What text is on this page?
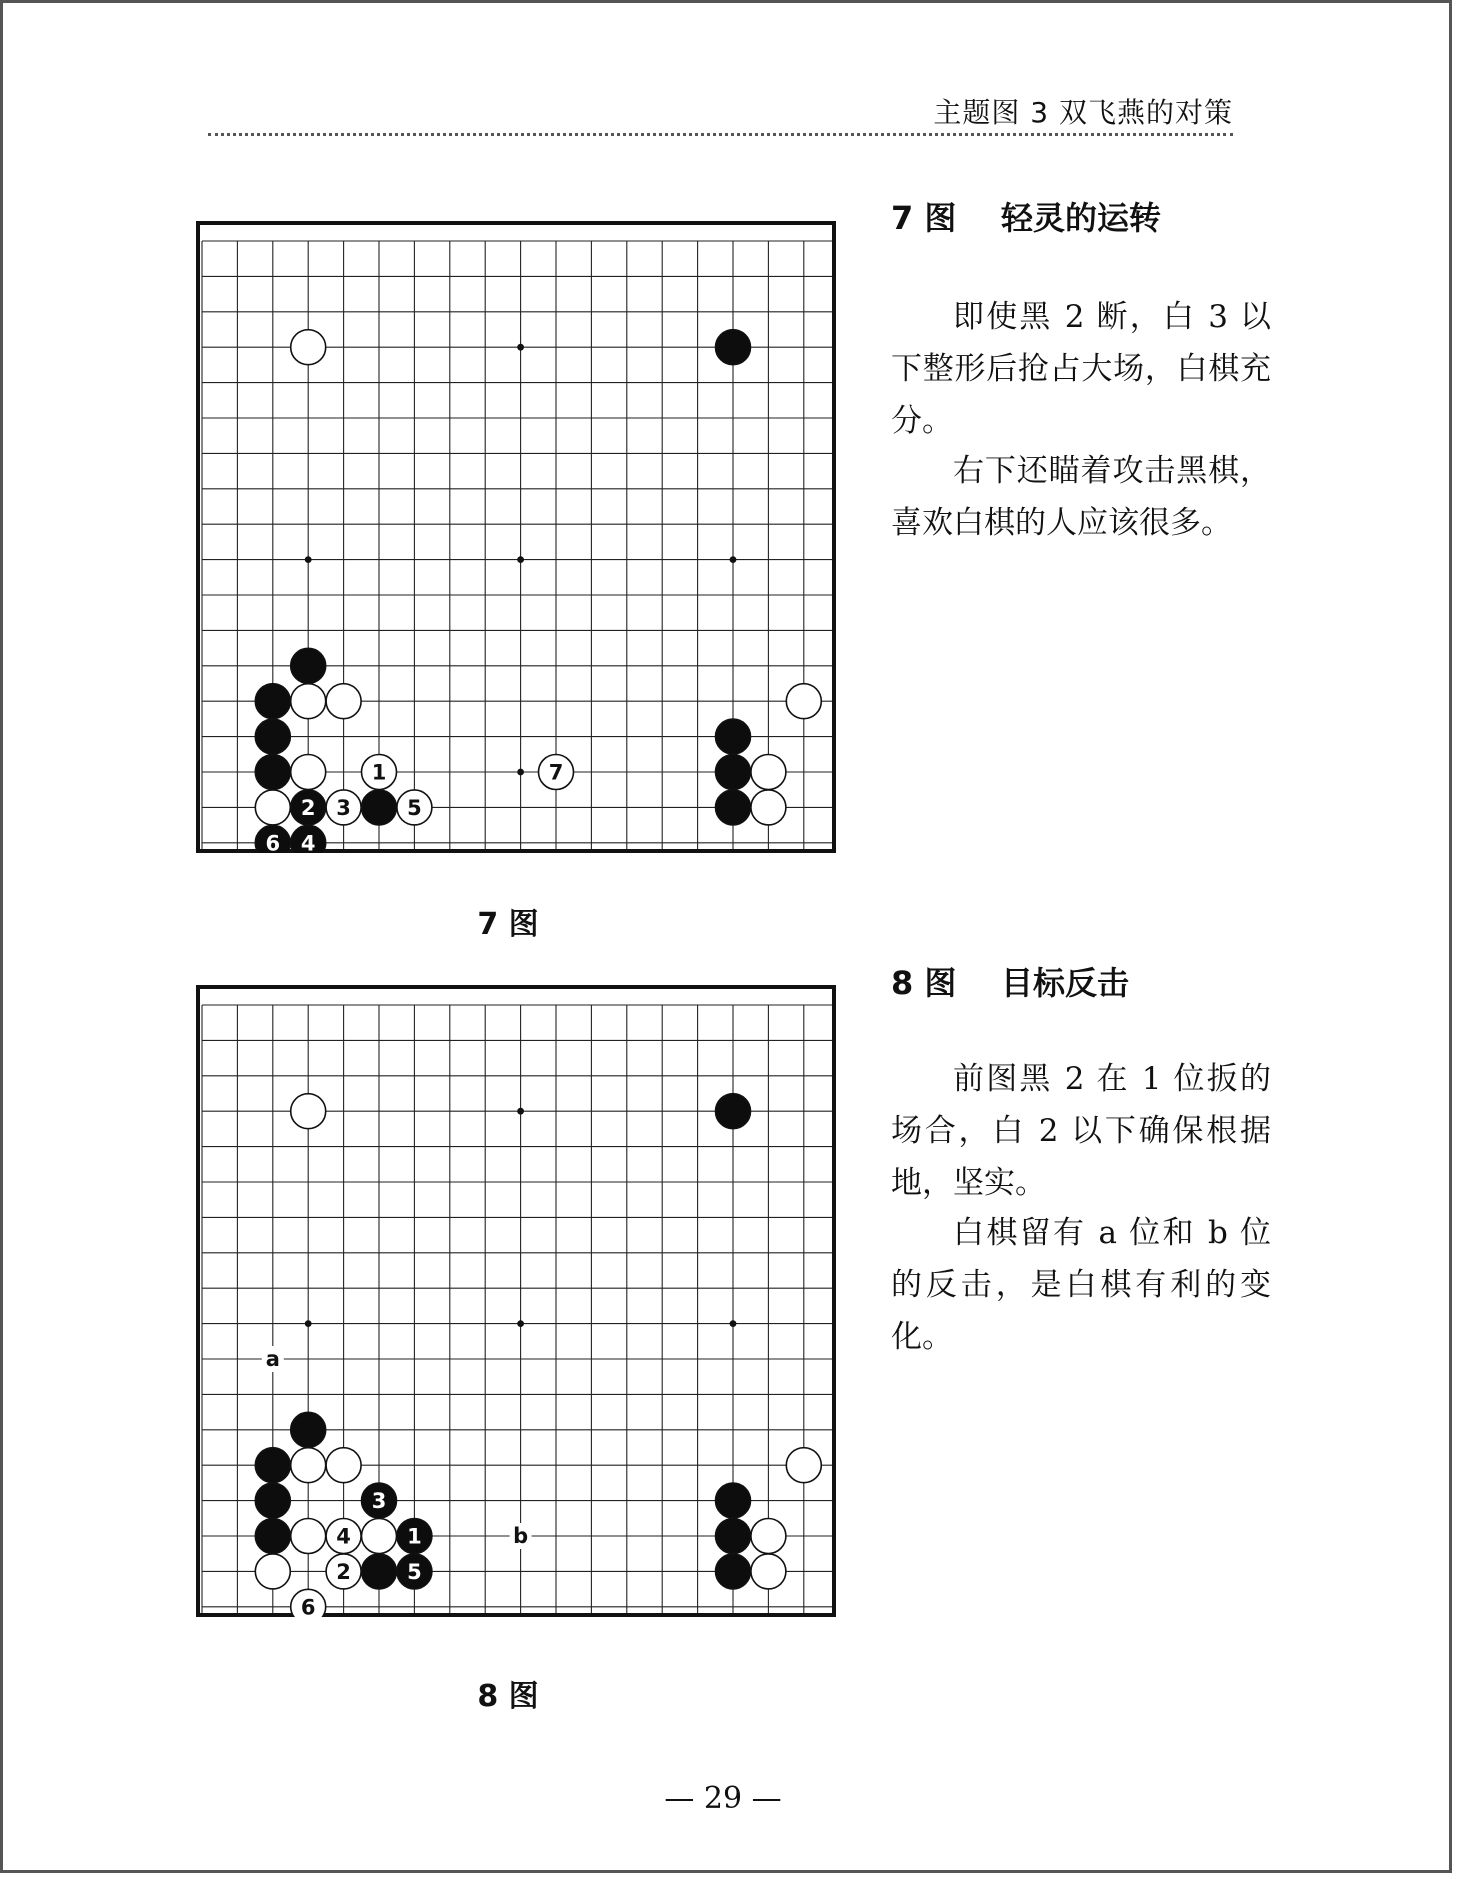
主题图 3 双飞燕的对策
1	7
2 3	5
6 4
7 图
7 图    轻灵的运转

即使黑 2 断，白 3 以下整形后抢占大场，白棋充分。

右下还瞄着攻击黑棋，喜欢白棋的人应该很多。

a
b
3
4	1
2	5
6
8 图
8 图    目标反击

前图黑 2 在 1 位扳的场合，白 2 以下确保根据地，坚实。

白棋留有 a 位和 b 位的反击，是白棋有利的变化。

— 29 —
